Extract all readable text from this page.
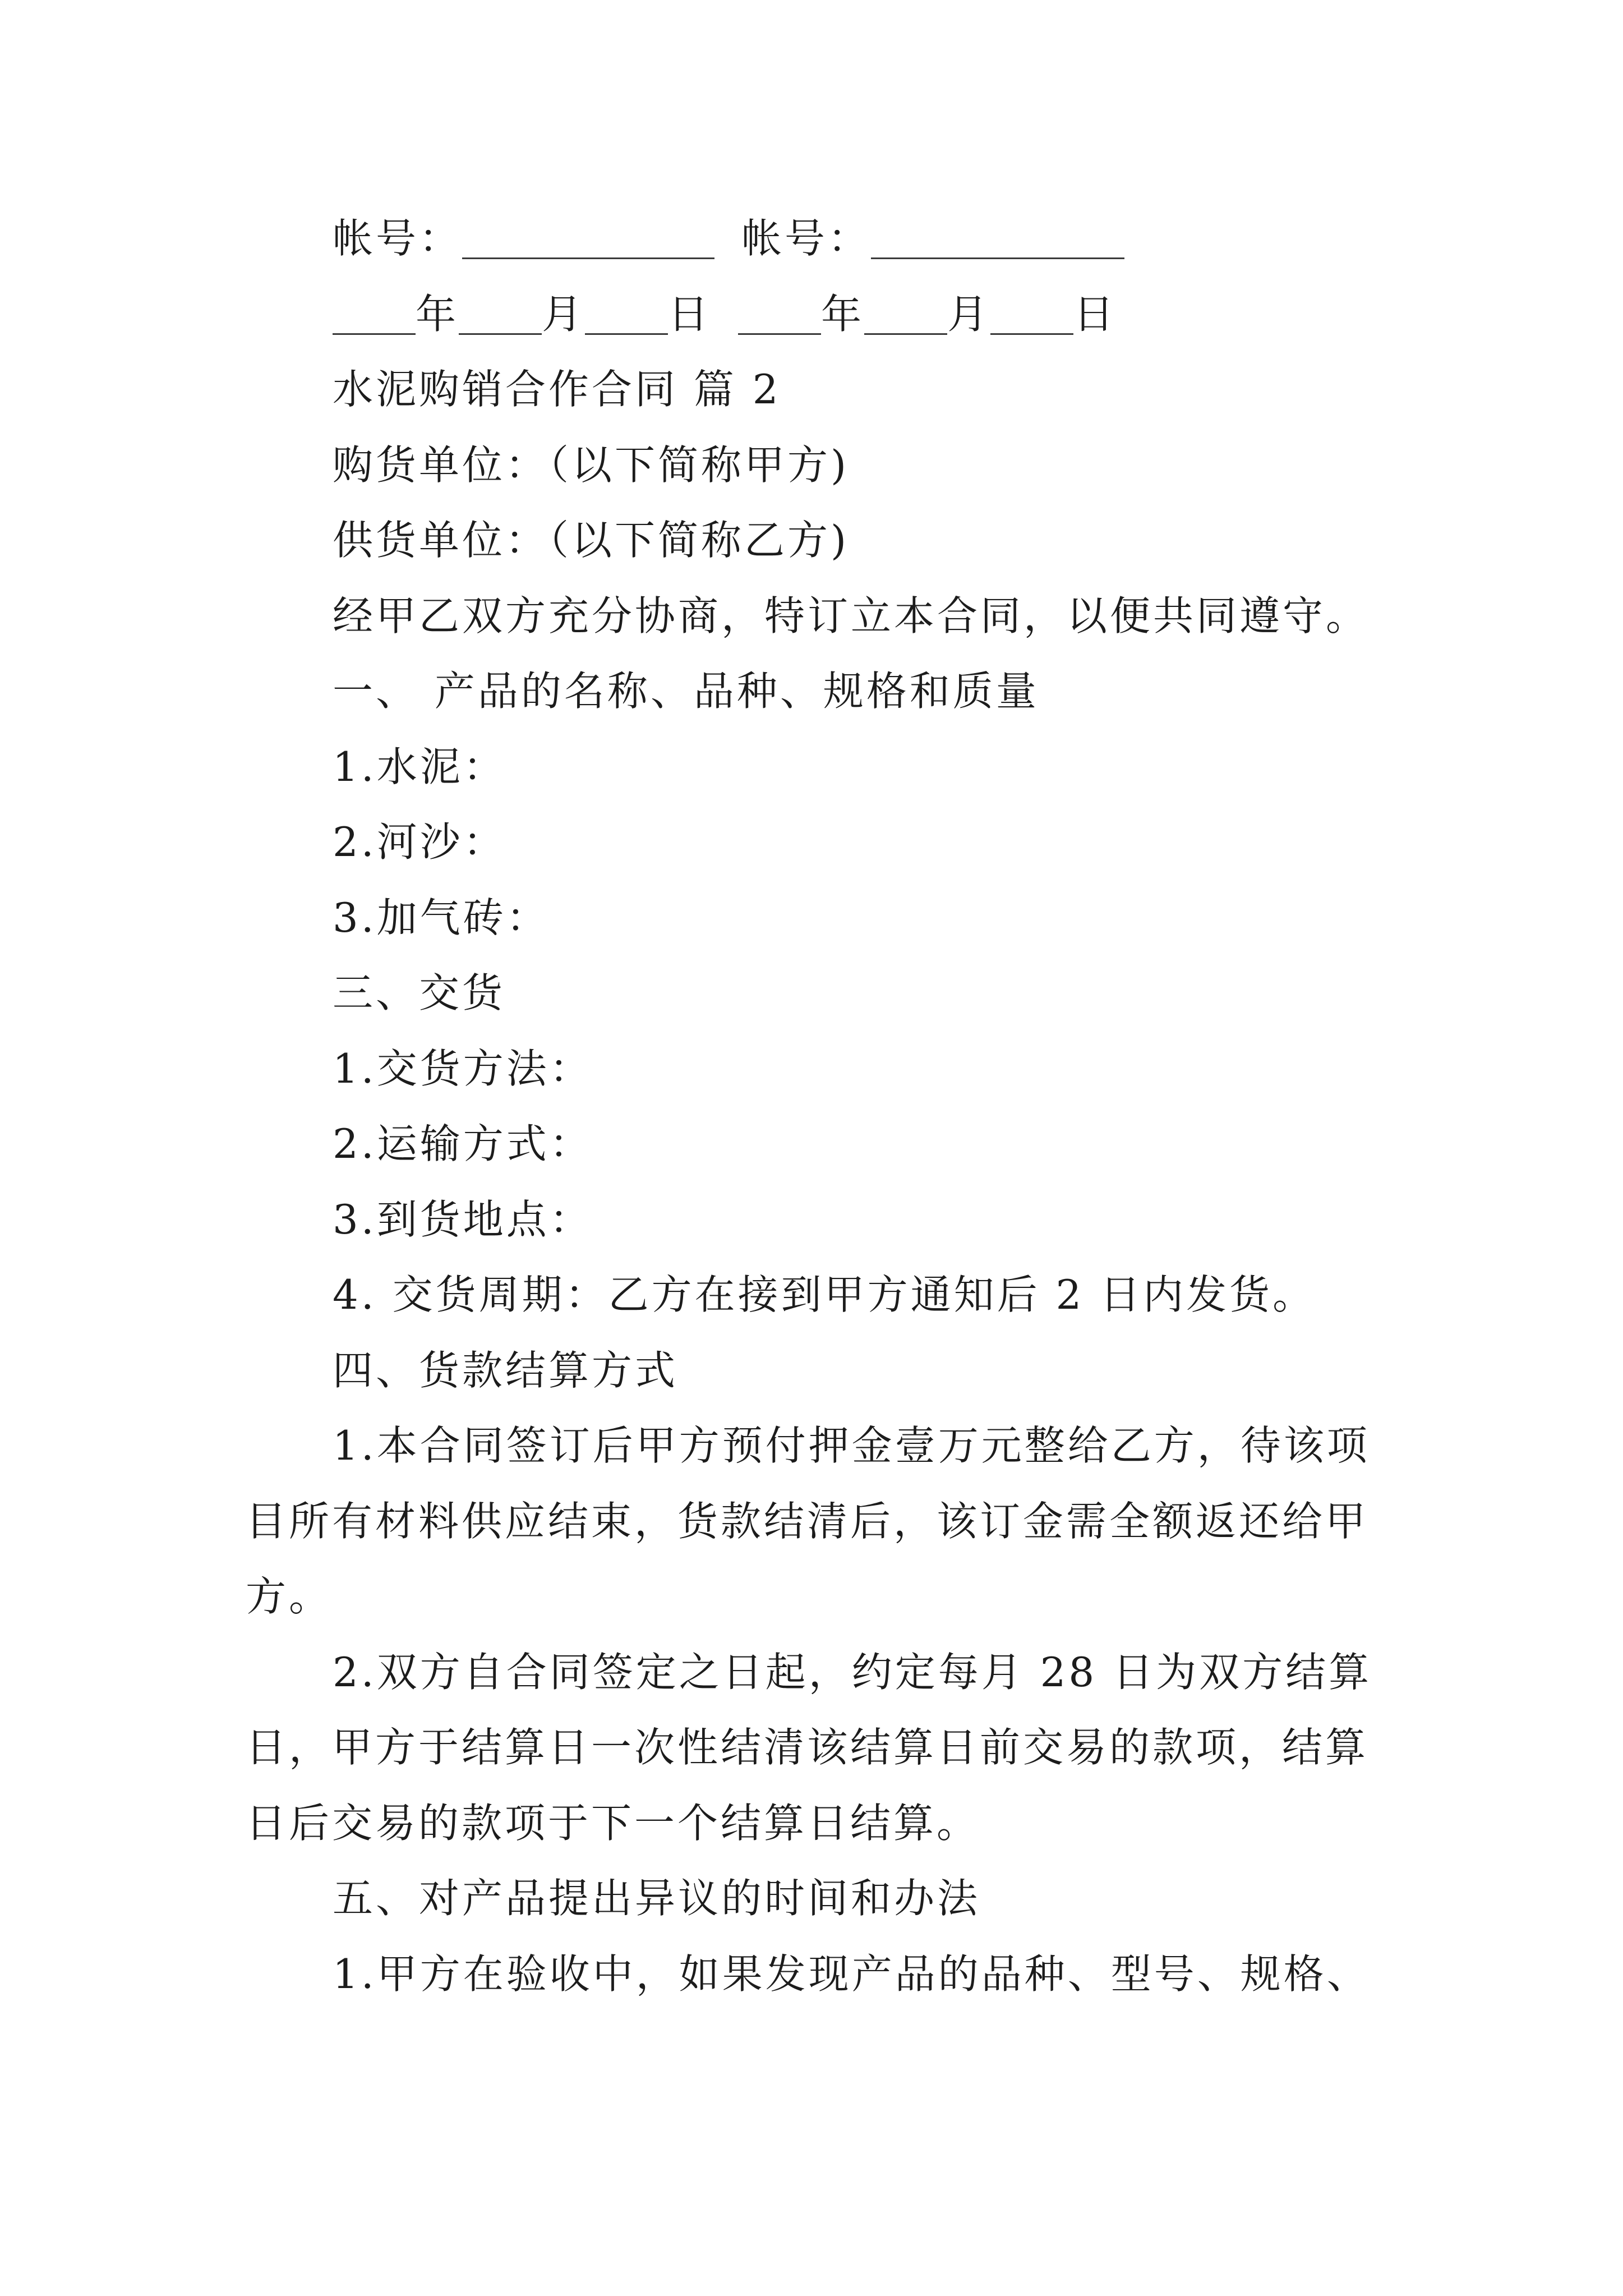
帐号：	帐号：
年 月 日	年 月 日
水泥购销合作合同 篇 2
购货单位：（以下简称甲方)
供货单位：（以下简称乙方)
经甲乙双方充分协商，特订立本合同，以便共同遵守。
一、 产品的名称、品种、规格和质量
1.水泥：
2.河沙：
3.加气砖：
三、交货
1.交货方法：
2.运输方式：
3.到货地点：
4. 交货周期：乙方在接到甲方通知后 2 日内发货。
四、货款结算方式
1.本合同签订后甲方预付押金壹万元整给乙方，待该项
目所有材料供应结束，货款结清后，该订金需全额返还给甲
方。
2.双方自合同签定之日起，约定每月 28 日为双方结算
日，甲方于结算日一次性结清该结算日前交易的款项，结算
日后交易的款项于下一个结算日结算。
五、对产品提出异议的时间和办法
1.甲方在验收中，如果发现产品的品种、型号、规格、
